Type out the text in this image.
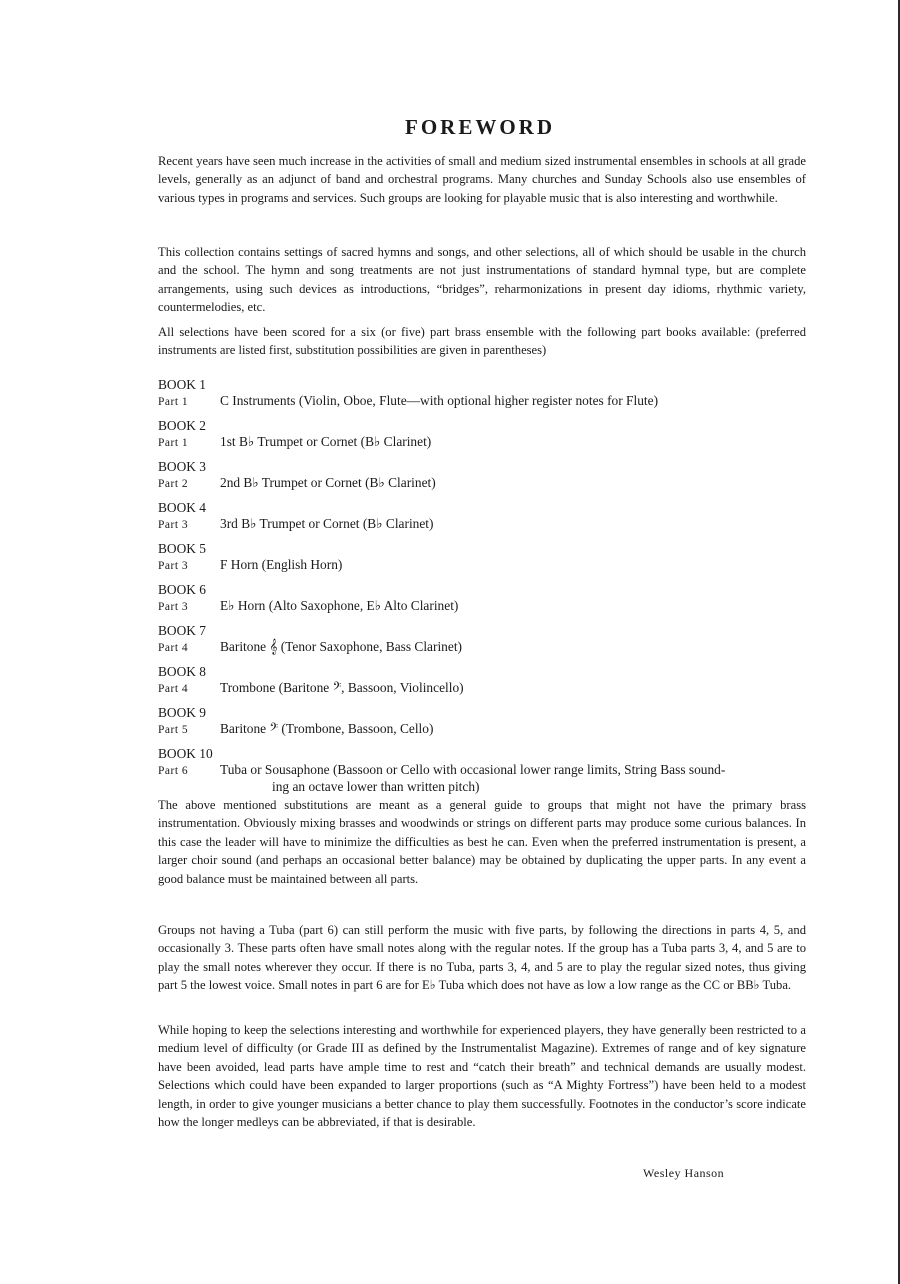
FOREWORD

Recent years have seen much increase in the activities of small and medium sized instrumental ensembles in schools at all grade levels, generally as an adjunct of band and orchestral programs. Many churches and Sunday Schools also use ensembles of various types in programs and services. Such groups are looking for playable music that is also interesting and worthwhile.

This collection contains settings of sacred hymns and songs, and other selections, all of which should be usable in the church and the school. The hymn and song treatments are not just instrumentations of standard hymnal type, but are complete arrangements, using such devices as introductions, “bridges”, reharmonizations in present day idioms, rhythmic variety, countermelodies, etc.

All selections have been scored for a six (or five) part brass ensemble with the following part books available: (preferred instruments are listed first, substitution possibilities are given in parentheses)

BOOK 1
Part 1 C Instruments (Violin, Oboe, Flute—with optional higher register notes for Flute)
BOOK 2
Part 1 1st B♭ Trumpet or Cornet (B♭ Clarinet)
BOOK 3
Part 2 2nd B♭ Trumpet or Cornet (B♭ Clarinet)
BOOK 4
Part 3 3rd B♭ Trumpet or Cornet (B♭ Clarinet)
BOOK 5
Part 3 F Horn (English Horn)
BOOK 6
Part 3 E♭ Horn (Alto Saxophone, E♭ Alto Clarinet)
BOOK 7
Part 4 Baritone 𝄞 (Tenor Saxophone, Bass Clarinet)
BOOK 8
Part 4 Trombone (Baritone 𝄢, Bassoon, Violincello)
BOOK 9
Part 5 Baritone 𝄢 (Trombone, Bassoon, Cello)
BOOK 10
Part 6 Tuba or Sousaphone (Bassoon or Cello with occasional lower range limits, String Bass sound-
ing an octave lower than written pitch)

The above mentioned substitutions are meant as a general guide to groups that might not have the primary brass instrumentation. Obviously mixing brasses and woodwinds or strings on different parts may produce some curious balances. In this case the leader will have to minimize the difficulties as best he can. Even when the preferred instrumentation is present, a larger choir sound (and perhaps an occasional better balance) may be obtained by duplicating the upper parts. In any event a good balance must be maintained between all parts.

Groups not having a Tuba (part 6) can still perform the music with five parts, by following the directions in parts 4, 5, and occasionally 3. These parts often have small notes along with the regular notes. If the group has a Tuba parts 3, 4, and 5 are to play the small notes wherever they occur. If there is no Tuba, parts 3, 4, and 5 are to play the regular sized notes, thus giving part 5 the lowest voice. Small notes in part 6 are for E♭ Tuba which does not have as low a low range as the CC or BB♭ Tuba.

While hoping to keep the selections interesting and worthwhile for experienced players, they have generally been restricted to a medium level of difficulty (or Grade III as defined by the Instrumentalist Magazine). Extremes of range and of key signature have been avoided, lead parts have ample time to rest and “catch their breath” and technical demands are usually modest. Selections which could have been expanded to larger proportions (such as “A Mighty Fortress”) have been held to a modest length, in order to give younger musicians a better chance to play them successfully. Footnotes in the conductor’s score indicate how the longer medleys can be abbreviated, if that is desirable.

Wesley Hanson
